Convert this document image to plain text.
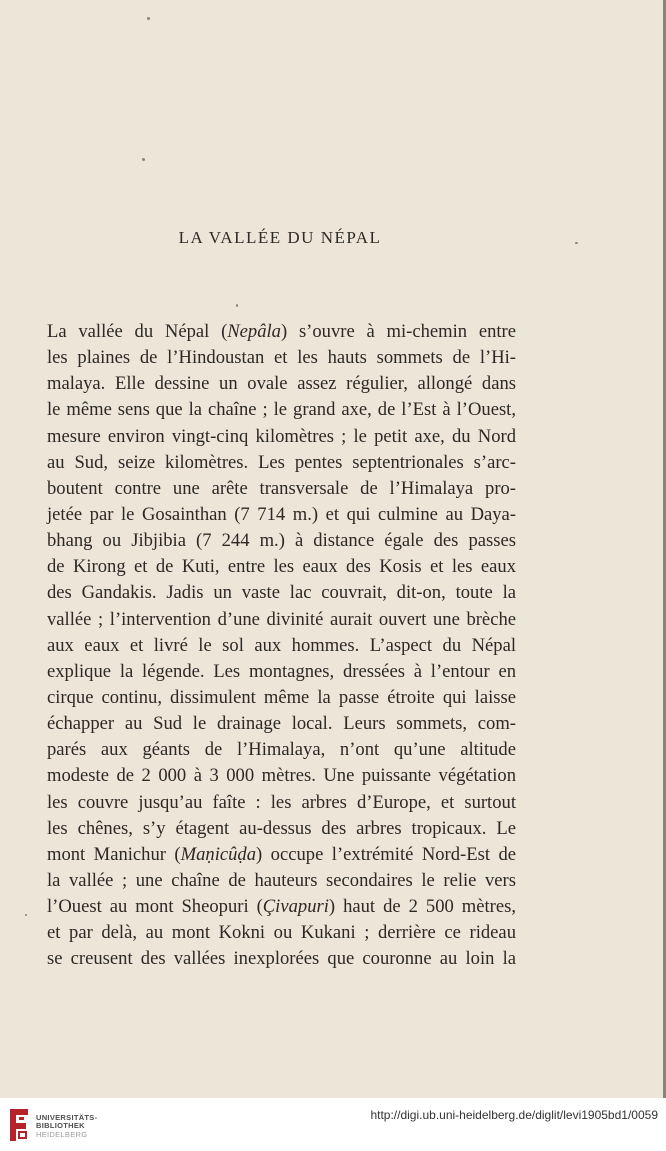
LA VALLÉE DU NÉPAL
La vallée du Népal (Nepâla) s’ouvre à mi-chemin entre
les plaines de l’Hindoustan et les hauts sommets de l’Hi-
malaya. Elle dessine un ovale assez régulier, allongé dans
le même sens que la chaîne ; le grand axe, de l’Est à l’Ouest,
mesure environ vingt-cinq kilomètres ; le petit axe, du Nord
au Sud, seize kilomètres. Les pentes septentrionales s’arc-
boutent contre une arête transversale de l’Himalaya pro-
jetée par le Gosainthan (7 714 m.) et qui culmine au Daya-
bhang ou Jibjibia (7 244 m.) à distance égale des passes
de Kirong et de Kuti, entre les eaux des Kosis et les eaux
des Gandakis. Jadis un vaste lac couvrait, dit-on, toute la
vallée ; l’intervention d’une divinité aurait ouvert une brèche
aux eaux et livré le sol aux hommes. L’aspect du Népal
explique la légende. Les montagnes, dressées à l’entour en
cirque continu, dissimulent même la passe étroite qui laisse
échapper au Sud le drainage local. Leurs sommets, com-
parés aux géants de l’Himalaya, n’ont qu’une altitude
modeste de 2 000 à 3 000 mètres. Une puissante végétation
les couvre jusqu’au faîte : les arbres d’Europe, et surtout
les chênes, s’y étagent au-dessus des arbres tropicaux. Le
mont Manichur (Maṇicûḍa) occupe l’extrémité Nord-Est de
la vallée ; une chaîne de hauteurs secondaires le relie vers
l’Ouest au mont Sheopuri (Çivapuri) haut de 2 500 mètres,
et par delà, au mont Kokni ou Kukani ; derrière ce rideau
se creusent des vallées inexplorées que couronne au loin la
UNIVERSITÄTS-
BIBLIOTHEK
HEIDELBERG
http://digi.ub.uni-heidelberg.de/diglit/levi1905bd1/0059
